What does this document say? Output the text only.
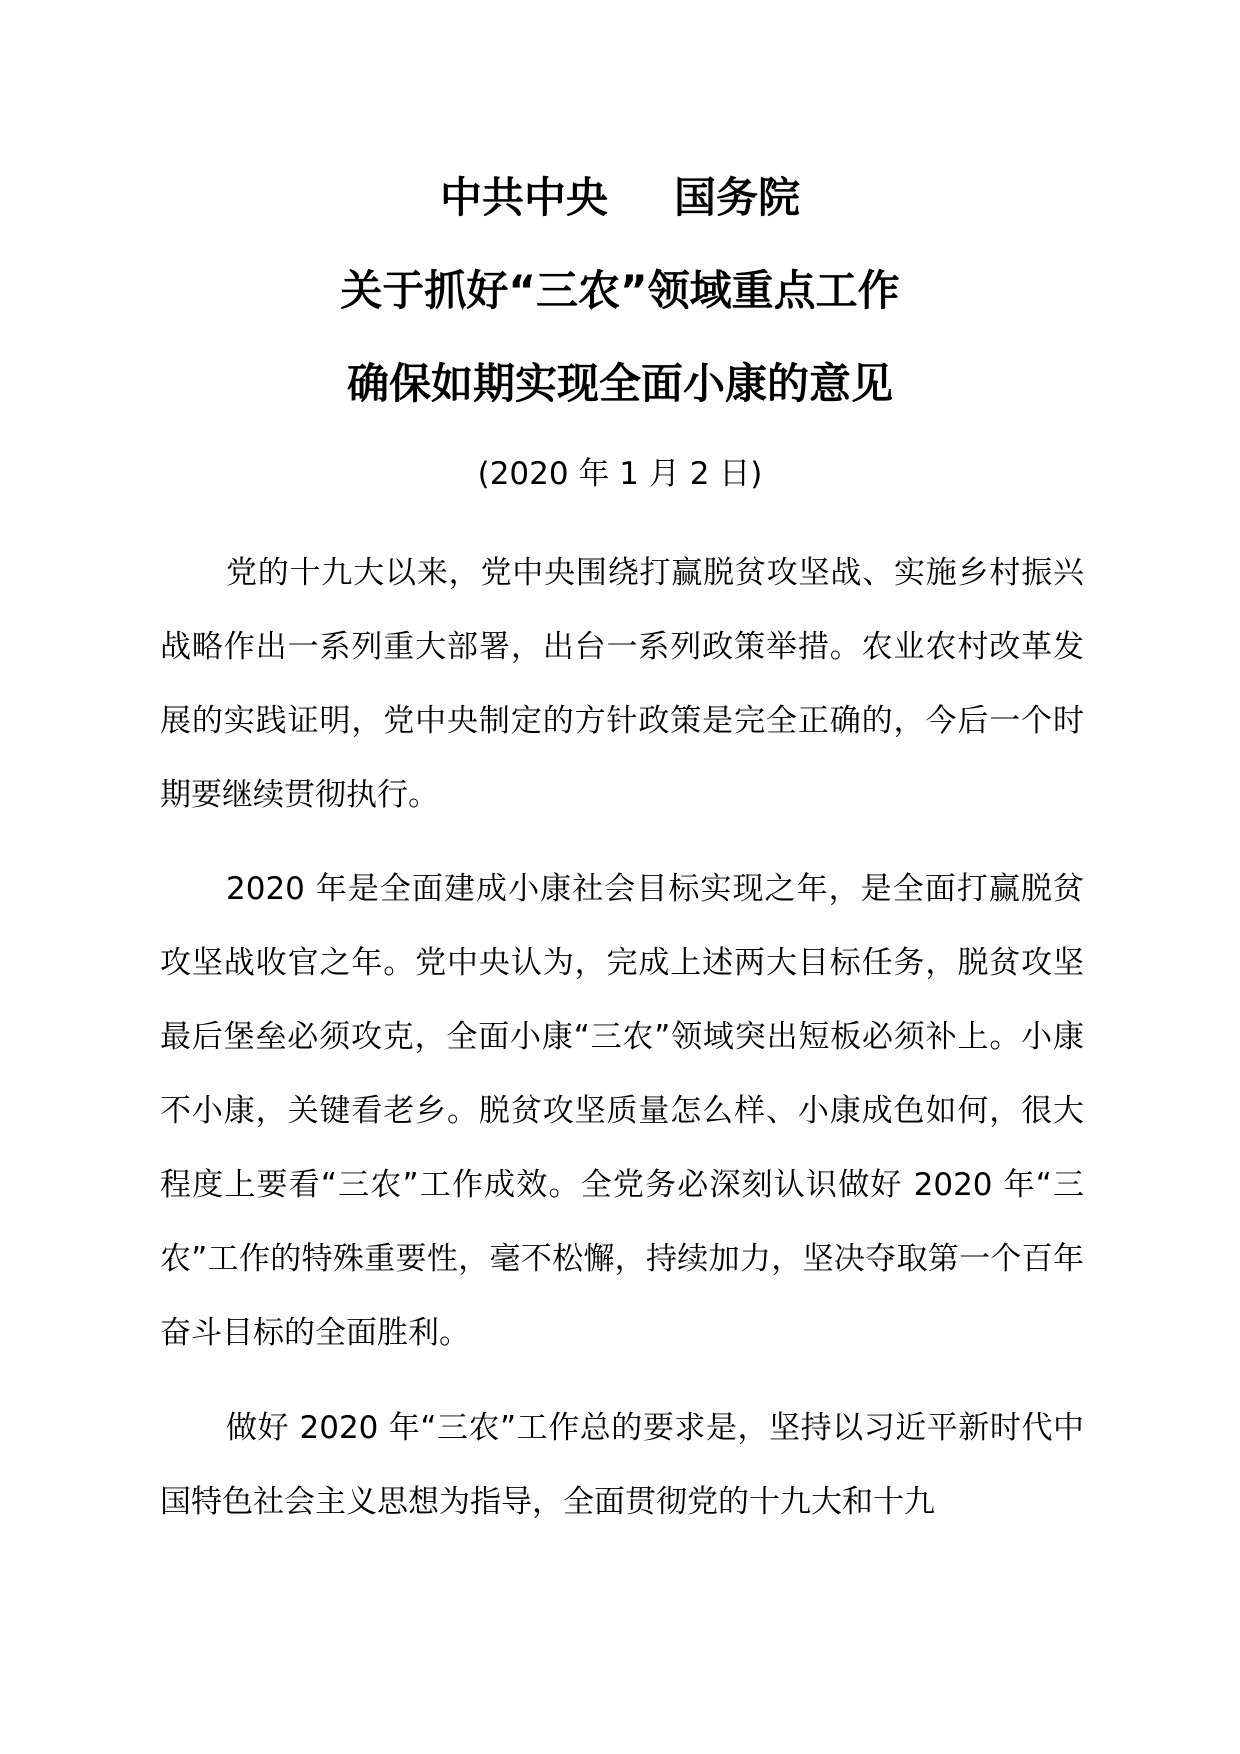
中共中央 国务院
关于抓好“三农”领域重点工作
确保如期实现全面小康的意见
(2020 年 1 月 2 日)

党的十九大以来，党中央围绕打赢脱贫攻坚战、实施乡村振兴战略作出一系列重大部署，出台一系列政策举措。农业农村改革发展的实践证明，党中央制定的方针政策是完全正确的，今后一个时期要继续贯彻执行。

2020 年是全面建成小康社会目标实现之年，是全面打赢脱贫攻坚战收官之年。党中央认为，完成上述两大目标任务，脱贫攻坚最后堡垒必须攻克，全面小康“三农”领域突出短板必须补上。小康不小康，关键看老乡。脱贫攻坚质量怎么样、小康成色如何，很大程度上要看“三农”工作成效。全党务必深刻认识做好 2020 年“三农”工作的特殊重要性，毫不松懈，持续加力，坚决夺取第一个百年奋斗目标的全面胜利。

做好 2020 年“三农”工作总的要求是，坚持以习近平新时代中国特色社会主义思想为指导，全面贯彻党的十九大和十九
